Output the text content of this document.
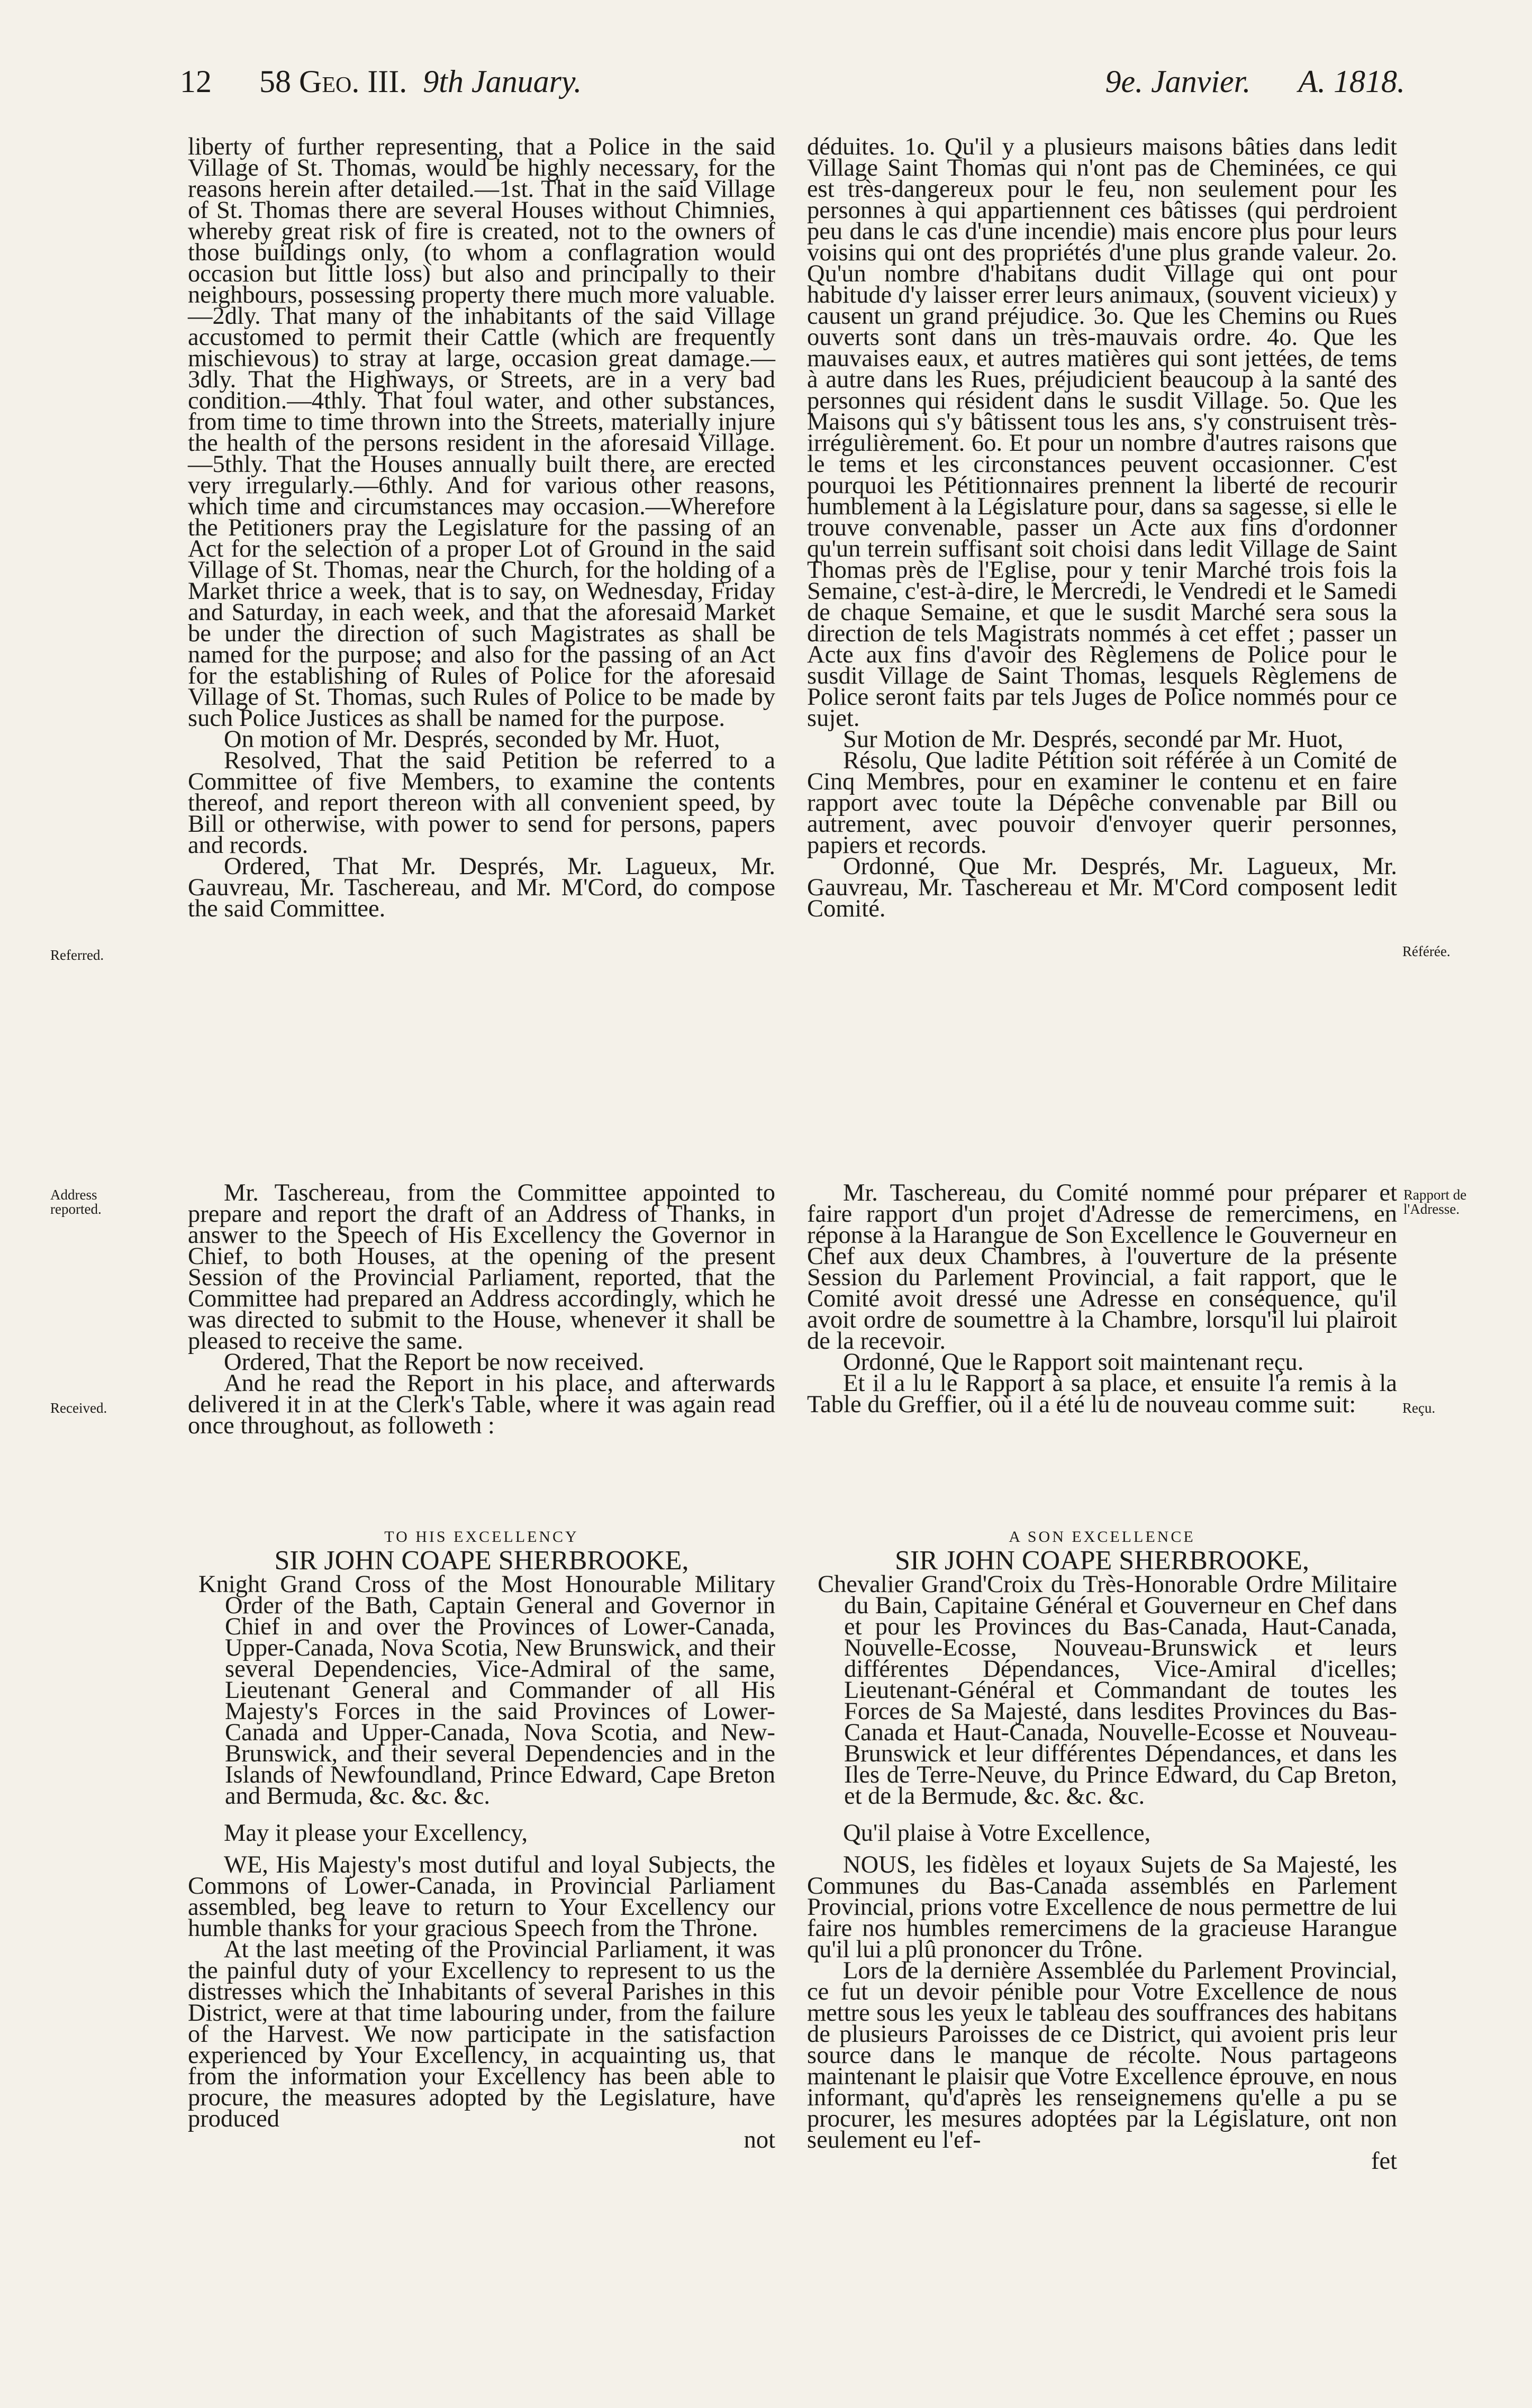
12 58 Geo. III. 9th January.	9e. Janvier. A. 1818.
Referred.	Référée.
Address reported.
Rapport de l'Adresse.
Received.	Reçu.

liberty of further representing, that a Police in the said Village of St. Thomas, would be highly necessary, for the reasons herein after detailed.—1st. That in the said Village of St. Thomas there are several Houses without Chimnies, whereby great risk of fire is created, not to the owners of those buildings only, (to whom a conflagration would occasion but little loss) but also and principally to their neighbours, possessing property there much more valuable.—2dly. That many of the inhabitants of the said Village accustomed to permit their Cattle (which are frequently mischievous) to stray at large, occasion great damage.—3dly. That the Highways, or Streets, are in a very bad condition.—4thly. That foul water, and other substances, from time to time thrown into the Streets, materially injure the health of the persons resident in the aforesaid Village.—5thly. That the Houses annually built there, are erected very irregularly.—6thly. And for various other reasons, which time and circumstances may occasion.—Wherefore the Petitioners pray the Legislature for the passing of an Act for the selection of a proper Lot of Ground in the said Village of St. Thomas, near the Church, for the holding of a Market thrice a week, that is to say, on Wednesday, Friday and Saturday, in each week, and that the aforesaid Market be under the direction of such Magistrates as shall be named for the purpose; and also for the passing of an Act for the establishing of Rules of Police for the aforesaid Village of St. Thomas, such Rules of Police to be made by such Police Justices as shall be named for the purpose.

On motion of Mr. Després, seconded by Mr. Huot,

Resolved, That the said Petition be referred to a Committee of five Members, to examine the contents thereof, and report thereon with all convenient speed, by Bill or otherwise, with power to send for persons, papers and records.

Ordered, That Mr. Després, Mr. Lagueux, Mr. Gauvreau, Mr. Taschereau, and Mr. M'Cord, do compose the said Committee.

Mr. Taschereau, from the Committee appointed to prepare and report the draft of an Address of Thanks, in answer to the Speech of His Excellency the Governor in Chief, to both Houses, at the opening of the present Session of the Provincial Parliament, reported, that the Committee had prepared an Address accordingly, which he was directed to submit to the House, whenever it shall be pleased to receive the same.

Ordered, That the Report be now received.

And he read the Report in his place, and afterwards delivered it in at the Clerk's Table, where it was again read once throughout, as followeth :

TO HIS EXCELLENCY

SIR JOHN COAPE SHERBROOKE,

Knight Grand Cross of the Most Honourable Military Order of the Bath, Captain General and Governor in Chief in and over the Provinces of Lower-Canada, Upper-Canada, Nova Scotia, New Brunswick, and their several Dependencies, Vice-Admiral of the same, Lieutenant General and Commander of all His Majesty's Forces in the said Provinces of Lower-Canada and Upper-Canada, Nova Scotia, and New-Brunswick, and their several Dependencies and in the Islands of Newfoundland, Prince Edward, Cape Breton and Bermuda, &c. &c. &c.

May it please your Excellency,

WE, His Majesty's most dutiful and loyal Subjects, the Commons of Lower-Canada, in Provincial Parliament assembled, beg leave to return to Your Excellency our humble thanks for your gracious Speech from the Throne.

At the last meeting of the Provincial Parliament, it was the painful duty of your Excellency to represent to us the distresses which the Inhabitants of several Parishes in this District, were at that time labouring under, from the failure of the Harvest. We now participate in the satisfaction experienced by Your Excellency, in acquainting us, that from the information your Excellency has been able to procure, the measures adopted by the Legislature, have produced

not

déduites. 1o. Qu'il y a plusieurs maisons bâties dans ledit Village Saint Thomas qui n'ont pas de Cheminées, ce qui est très-dangereux pour le feu, non seulement pour les personnes à qui appartiennent ces bâtisses (qui perdroient peu dans le cas d'une incendie) mais encore plus pour leurs voisins qui ont des propriétés d'une plus grande valeur. 2o. Qu'un nombre d'habitans dudit Village qui ont pour habitude d'y laisser errer leurs animaux, (souvent vicieux) y causent un grand préjudice. 3o. Que les Chemins ou Rues ouverts sont dans un très-mauvais ordre. 4o. Que les mauvaises eaux, et autres matières qui sont jettées, de tems à autre dans les Rues, préjudicient beaucoup à la santé des personnes qui résident dans le susdit Village. 5o. Que les Maisons qui s'y bâtissent tous les ans, s'y construisent très-irrégulièrement. 6o. Et pour un nombre d'autres raisons que le tems et les circonstances peuvent occasionner. C'est pourquoi les Pétitionnaires prennent la liberté de recourir humblement à la Législature pour, dans sa sagesse, si elle le trouve convenable, passer un Acte aux fins d'ordonner qu'un terrein suffisant soit choisi dans ledit Village de Saint Thomas près de l'Eglise, pour y tenir Marché trois fois la Semaine, c'est-à-dire, le Mercredi, le Vendredi et le Samedi de chaque Semaine, et que le susdit Marché sera sous la direction de tels Magistrats nommés à cet effet ; passer un Acte aux fins d'avoir des Règlemens de Police pour le susdit Village de Saint Thomas, lesquels Règlemens de Police seront faits par tels Juges de Police nommés pour ce sujet.

Sur Motion de Mr. Després, secondé par Mr. Huot,

Résolu, Que ladite Pétition soit référée à un Comité de Cinq Membres, pour en examiner le contenu et en faire rapport avec toute la Dépêche convenable par Bill ou autrement, avec pouvoir d'envoyer querir personnes, papiers et records.

Ordonné, Que Mr. Després, Mr. Lagueux, Mr. Gauvreau, Mr. Taschereau et Mr. M'Cord composent ledit Comité.

Mr. Taschereau, du Comité nommé pour préparer et faire rapport d'un projet d'Adresse de remercimens, en réponse à la Harangue de Son Excellence le Gouverneur en Chef aux deux Chambres, à l'ouverture de la présente Session du Parlement Provincial, a fait rapport, que le Comité avoit dressé une Adresse en conséquence, qu'il avoit ordre de soumettre à la Chambre, lorsqu'il lui plairoit de la recevoir.

Ordonné, Que le Rapport soit maintenant reçu.

Et il a lu le Rapport à sa place, et ensuite l'a remis à la Table du Greffier, où il a été lu de nouveau comme suit:

A SON EXCELLENCE

SIR JOHN COAPE SHERBROOKE,

Chevalier Grand'Croix du Très-Honorable Ordre Militaire du Bain, Capitaine Général et Gouverneur en Chef dans et pour les Provinces du Bas-Canada, Haut-Canada, Nouvelle-Ecosse, Nouveau-Brunswick et leurs différentes Dépendances, Vice-Amiral d'icelles; Lieutenant-Général et Commandant de toutes les Forces de Sa Majesté, dans lesdites Provinces du Bas-Canada et Haut-Canada, Nouvelle-Ecosse et Nouveau-Brunswick et leur différentes Dépendances, et dans les Iles de Terre-Neuve, du Prince Edward, du Cap Breton, et de la Bermude, &c. &c. &c.

Qu'il plaise à Votre Excellence,

NOUS, les fidèles et loyaux Sujets de Sa Majesté, les Communes du Bas-Canada assemblés en Parlement Provincial, prions votre Excellence de nous permettre de lui faire nos humbles remercimens de la gracieuse Harangue qu'il lui a plû prononcer du Trône.

Lors de la dernière Assemblée du Parlement Provincial, ce fut un devoir pénible pour Votre Excellence de nous mettre sous les yeux le tableau des souffrances des habitans de plusieurs Paroisses de ce District, qui avoient pris leur source dans le manque de récolte. Nous partageons maintenant le plaisir que Votre Excellence éprouve, en nous informant, qu'd'après les renseignemens qu'elle a pu se procurer, les mesures adoptées par la Législature, ont non seulement eu l'ef-

fet
